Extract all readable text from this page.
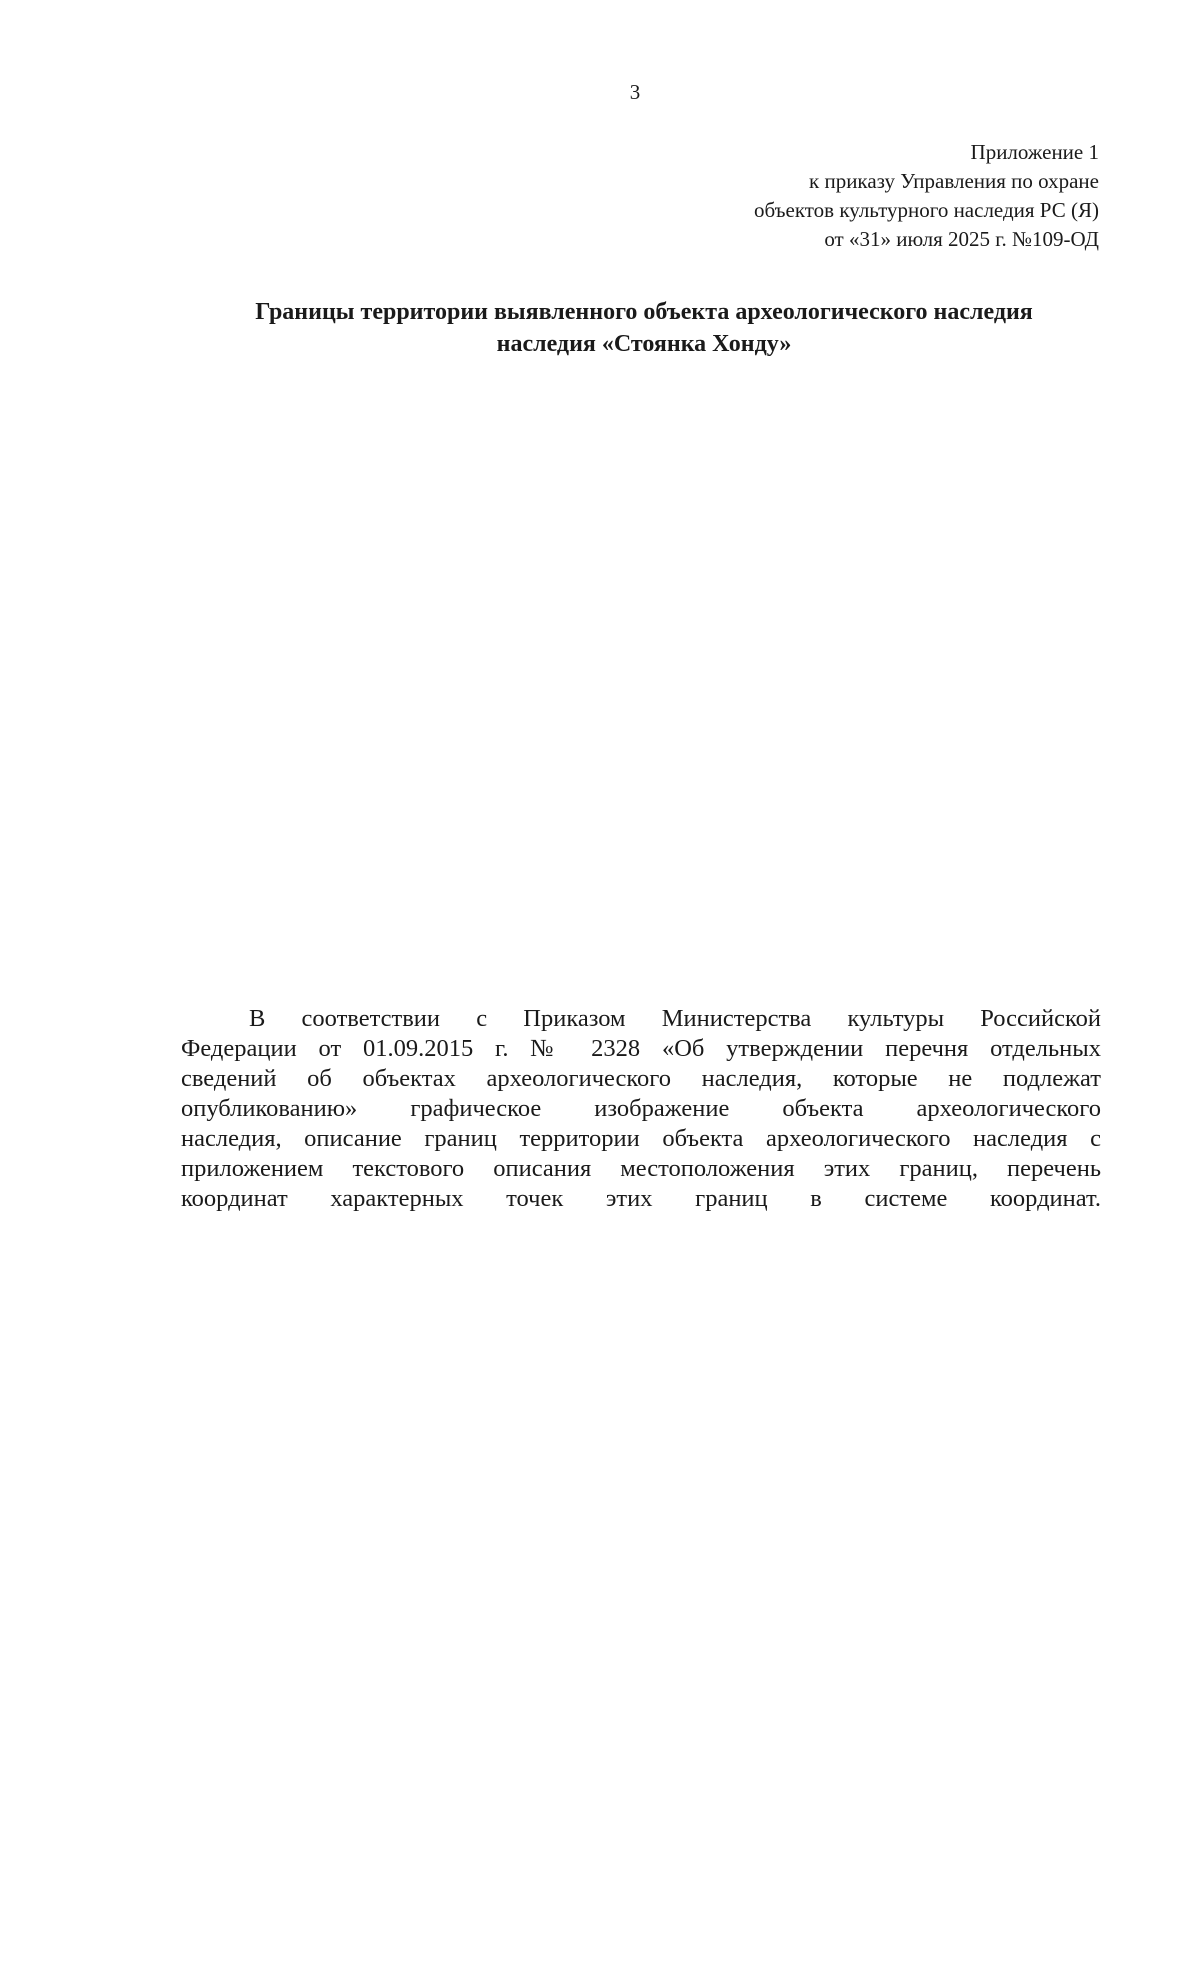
3
Приложение 1
к приказу Управления по охране
объектов культурного наследия РС (Я)
от «31» июля 2025 г. №109-ОД
Границы территории выявленного объекта археологического наследия
наследия «Стоянка Хонду»
В соответствии с Приказом Министерства культуры Российской
Федерации от 01.09.2015 г. № 2328 «Об утверждении перечня отдельных
сведений об объектах археологического наследия, которые не подлежат
опубликованию» графическое изображение объекта археологического
наследия, описание границ территории объекта археологического наследия с
приложением текстового описания местоположения этих границ, перечень
координат характерных точек этих границ в системе координат.
